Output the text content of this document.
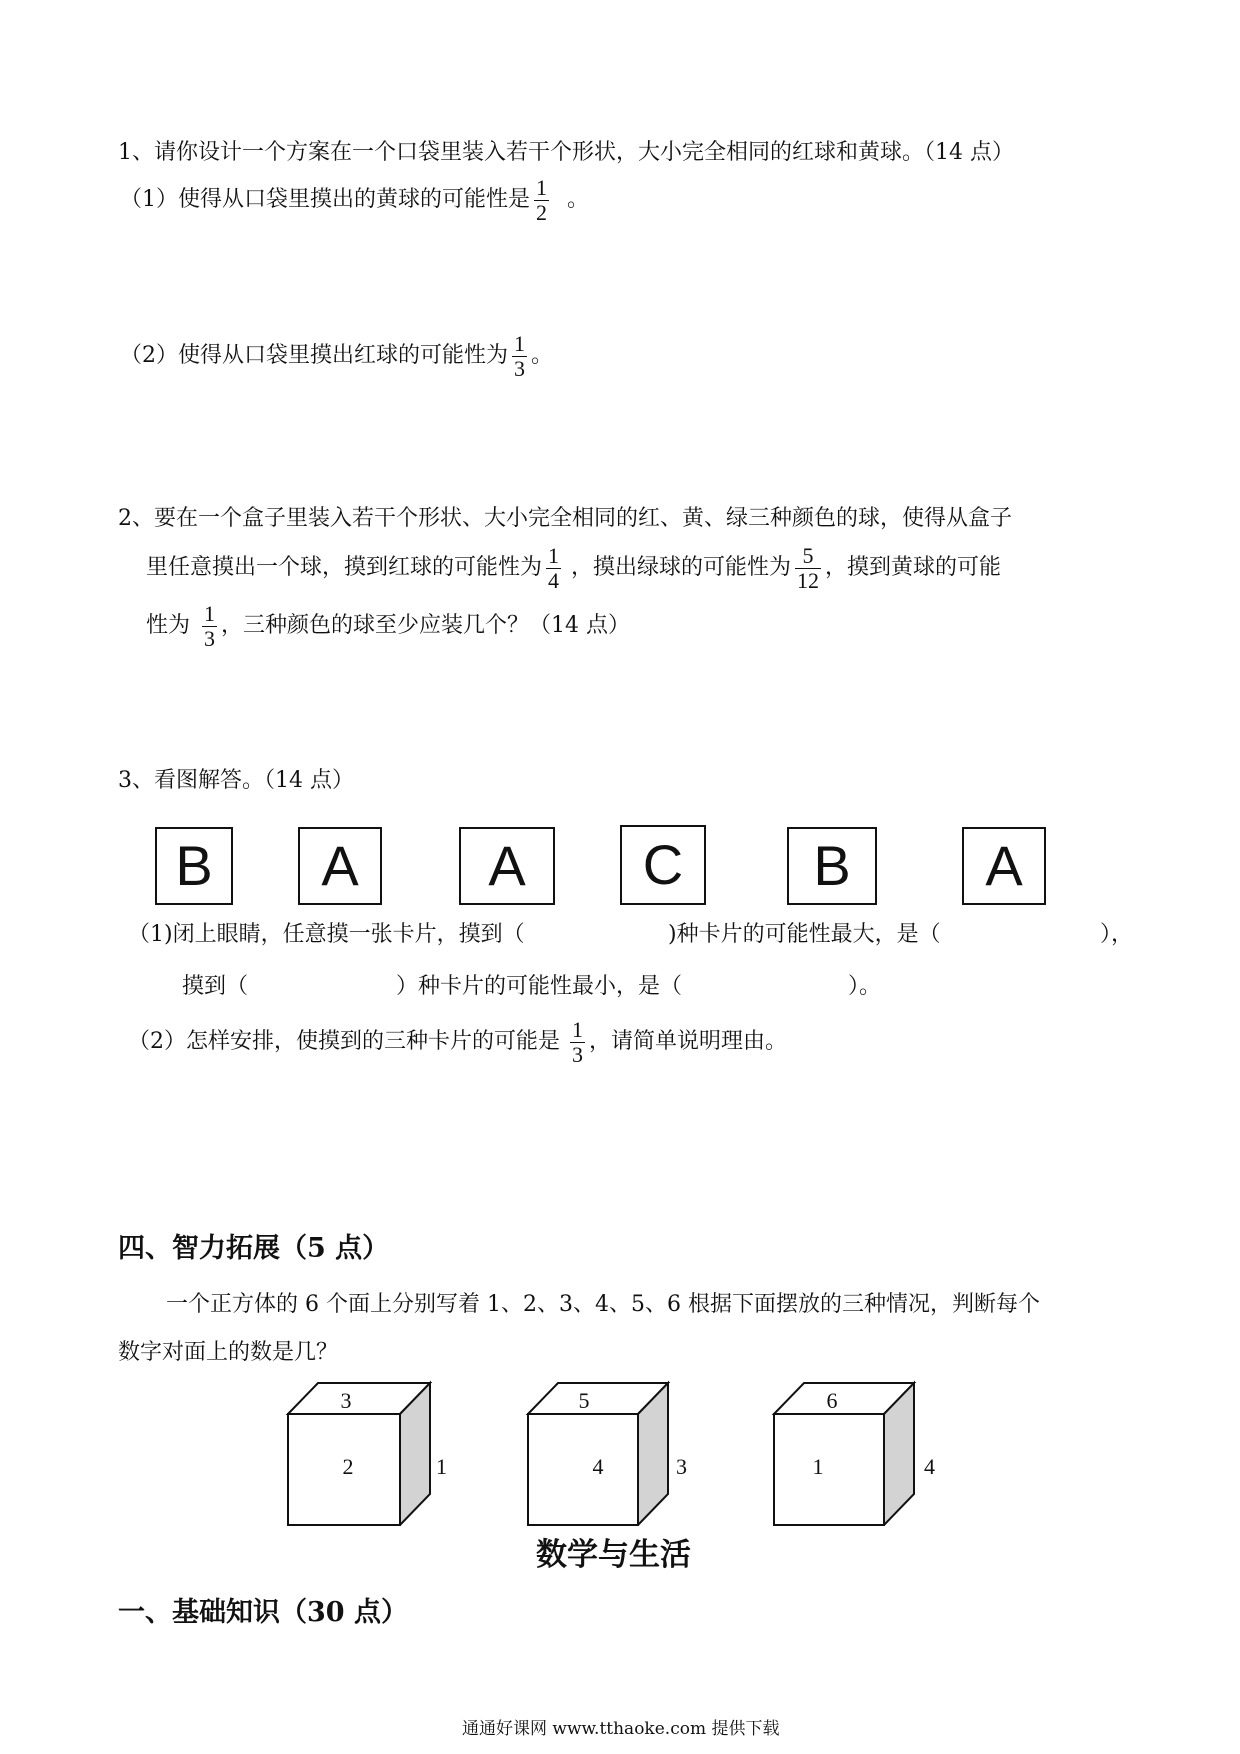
1、请你设计一个方案在一个口袋里装入若干个形状，大小完全相同的红球和黄球。（14 点）
（1）使得从口袋里摸出的黄球的可能性是 $\frac{1}{2}$ 。
（2）使得从口袋里摸出红球的可能性为 $\frac{1}{3}$ 。
2、要在一个盒子里装入若干个形状、大小完全相同的红、黄、绿三种颜色的球，使得从盒子
里任意摸出一个球，摸到红球的可能性为 $\frac{1}{4}$ ，摸出绿球的可能性为 $\frac{5}{12}$ ，摸到黄球的可能
性为 $\frac{1}{3}$ ，三种颜色的球至少应装几个？（14 点）
3、看图解答。（14 点）
B	A	A	C	B	A
（1)闭上眼睛，任意摸一张卡片，摸到（	)种卡片的可能性最大，是（	），
摸到（	）种卡片的可能性最小，是（	）。
（2）怎样安排，使摸到的三种卡片的可能是 $\frac{1}{3}$ ，请简单说明理由。
四、智力拓展（5 点）
一个正方体的 6 个面上分别写着 1、2、3、4、5、6 根据下面摆放的三种情况，判断每个
数字对面上的数是几？
3
2	1
5
4	3
6
1	4
数学与生活
一、基础知识（30 点）
通通好课网 www.tthaoke.com 提供下载
